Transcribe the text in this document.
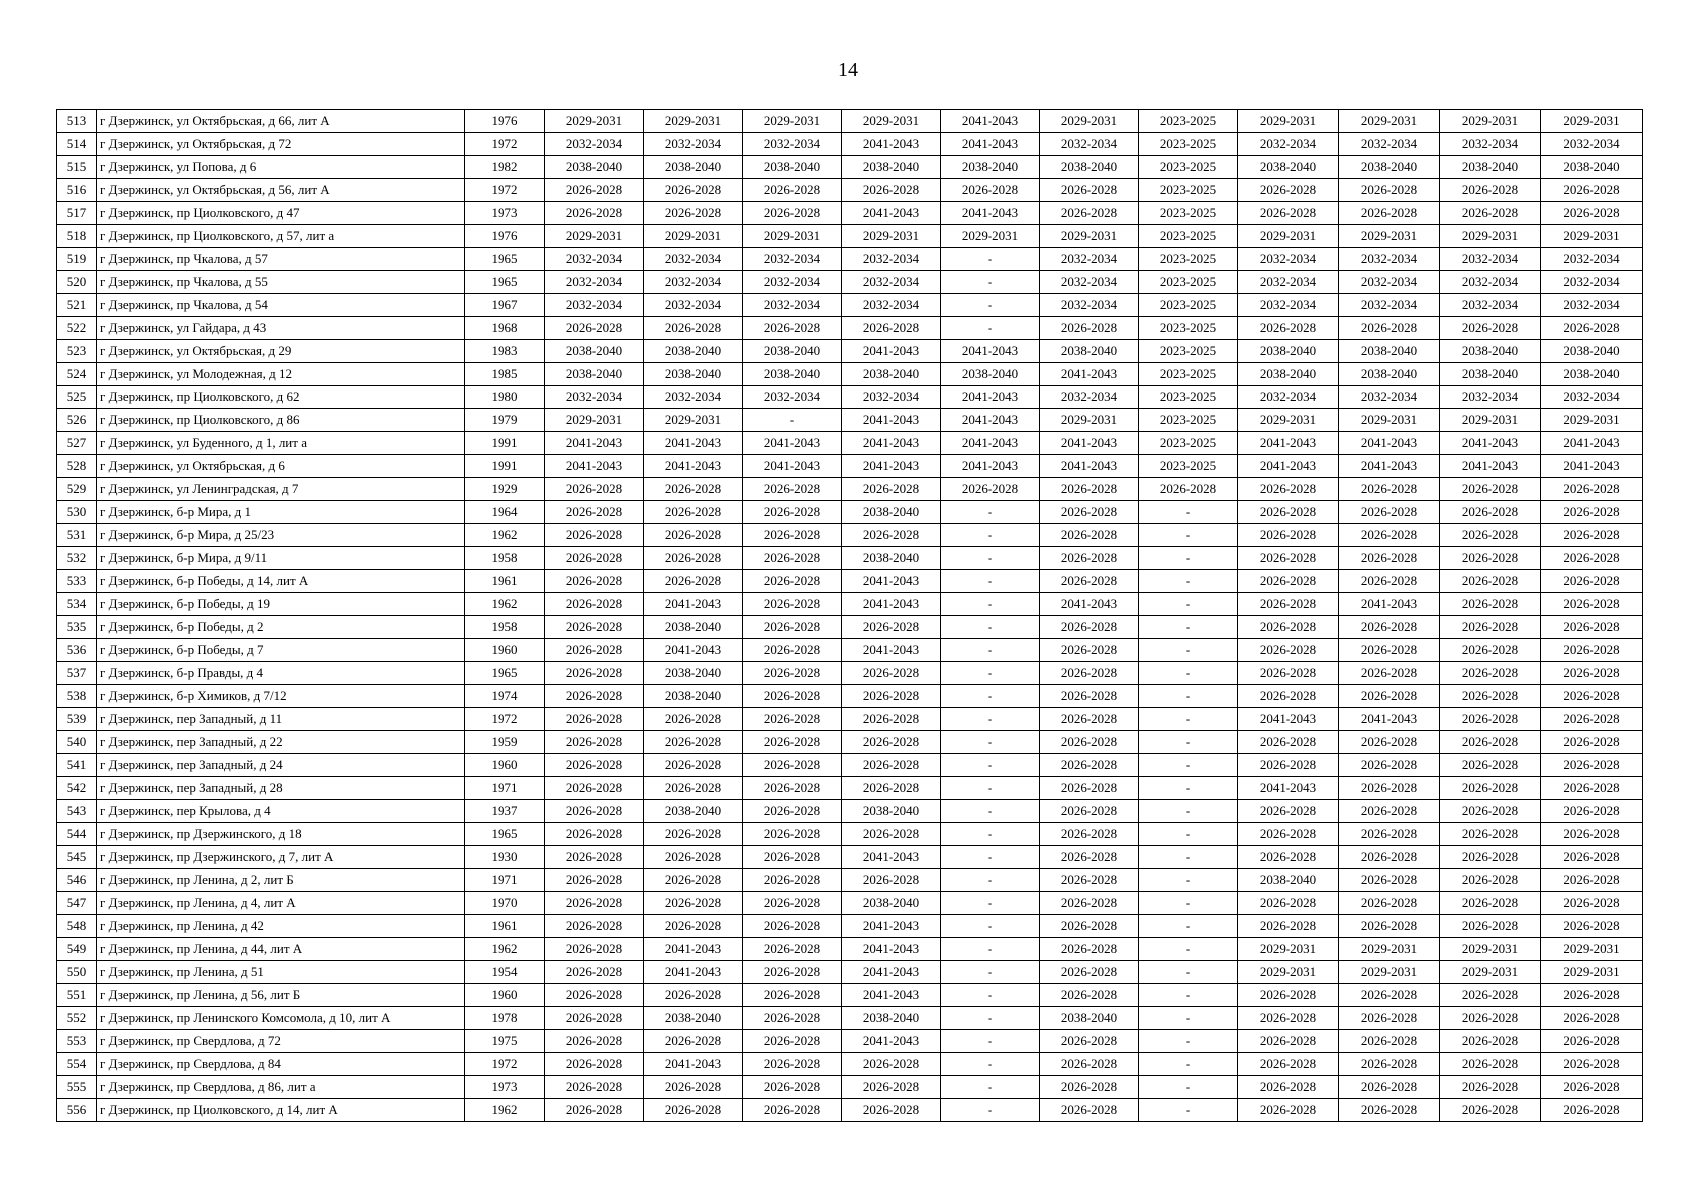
14
513	г Дзержинск, ул Октябрьская, д 66, лит А	1976	2029-2031	2029-2031	2029-2031	2029-2031	2041-2043	2029-2031	2023-2025	2029-2031	2029-2031	2029-2031	2029-2031
514	г Дзержинск, ул Октябрьская, д 72	1972	2032-2034	2032-2034	2032-2034	2041-2043	2041-2043	2032-2034	2023-2025	2032-2034	2032-2034	2032-2034	2032-2034
515	г Дзержинск, ул Попова, д 6	1982	2038-2040	2038-2040	2038-2040	2038-2040	2038-2040	2038-2040	2023-2025	2038-2040	2038-2040	2038-2040	2038-2040
516	г Дзержинск, ул Октябрьская, д 56, лит А	1972	2026-2028	2026-2028	2026-2028	2026-2028	2026-2028	2026-2028	2023-2025	2026-2028	2026-2028	2026-2028	2026-2028
517	г Дзержинск, пр Циолковского, д 47	1973	2026-2028	2026-2028	2026-2028	2041-2043	2041-2043	2026-2028	2023-2025	2026-2028	2026-2028	2026-2028	2026-2028
518	г Дзержинск, пр Циолковского, д 57, лит а	1976	2029-2031	2029-2031	2029-2031	2029-2031	2029-2031	2029-2031	2023-2025	2029-2031	2029-2031	2029-2031	2029-2031
519	г Дзержинск, пр Чкалова, д 57	1965	2032-2034	2032-2034	2032-2034	2032-2034	-	2032-2034	2023-2025	2032-2034	2032-2034	2032-2034	2032-2034
520	г Дзержинск, пр Чкалова, д 55	1965	2032-2034	2032-2034	2032-2034	2032-2034	-	2032-2034	2023-2025	2032-2034	2032-2034	2032-2034	2032-2034
521	г Дзержинск, пр Чкалова, д 54	1967	2032-2034	2032-2034	2032-2034	2032-2034	-	2032-2034	2023-2025	2032-2034	2032-2034	2032-2034	2032-2034
522	г Дзержинск, ул Гайдара, д 43	1968	2026-2028	2026-2028	2026-2028	2026-2028	-	2026-2028	2023-2025	2026-2028	2026-2028	2026-2028	2026-2028
523	г Дзержинск, ул Октябрьская, д 29	1983	2038-2040	2038-2040	2038-2040	2041-2043	2041-2043	2038-2040	2023-2025	2038-2040	2038-2040	2038-2040	2038-2040
524	г Дзержинск, ул Молодежная, д 12	1985	2038-2040	2038-2040	2038-2040	2038-2040	2038-2040	2041-2043	2023-2025	2038-2040	2038-2040	2038-2040	2038-2040
525	г Дзержинск, пр Циолковского, д 62	1980	2032-2034	2032-2034	2032-2034	2032-2034	2041-2043	2032-2034	2023-2025	2032-2034	2032-2034	2032-2034	2032-2034
526	г Дзержинск, пр Циолковского, д 86	1979	2029-2031	2029-2031	-	2041-2043	2041-2043	2029-2031	2023-2025	2029-2031	2029-2031	2029-2031	2029-2031
527	г Дзержинск, ул Буденного, д 1, лит а	1991	2041-2043	2041-2043	2041-2043	2041-2043	2041-2043	2041-2043	2023-2025	2041-2043	2041-2043	2041-2043	2041-2043
528	г Дзержинск, ул Октябрьская, д 6	1991	2041-2043	2041-2043	2041-2043	2041-2043	2041-2043	2041-2043	2023-2025	2041-2043	2041-2043	2041-2043	2041-2043
529	г Дзержинск, ул Ленинградская, д 7	1929	2026-2028	2026-2028	2026-2028	2026-2028	2026-2028	2026-2028	2026-2028	2026-2028	2026-2028	2026-2028	2026-2028
530	г Дзержинск, б-р Мира, д 1	1964	2026-2028	2026-2028	2026-2028	2038-2040	-	2026-2028	-	2026-2028	2026-2028	2026-2028	2026-2028
531	г Дзержинск, б-р Мира, д 25/23	1962	2026-2028	2026-2028	2026-2028	2026-2028	-	2026-2028	-	2026-2028	2026-2028	2026-2028	2026-2028
532	г Дзержинск, б-р Мира, д 9/11	1958	2026-2028	2026-2028	2026-2028	2038-2040	-	2026-2028	-	2026-2028	2026-2028	2026-2028	2026-2028
533	г Дзержинск, б-р Победы, д 14, лит А	1961	2026-2028	2026-2028	2026-2028	2041-2043	-	2026-2028	-	2026-2028	2026-2028	2026-2028	2026-2028
534	г Дзержинск, б-р Победы, д 19	1962	2026-2028	2041-2043	2026-2028	2041-2043	-	2041-2043	-	2026-2028	2041-2043	2026-2028	2026-2028
535	г Дзержинск, б-р Победы, д 2	1958	2026-2028	2038-2040	2026-2028	2026-2028	-	2026-2028	-	2026-2028	2026-2028	2026-2028	2026-2028
536	г Дзержинск, б-р Победы, д 7	1960	2026-2028	2041-2043	2026-2028	2041-2043	-	2026-2028	-	2026-2028	2026-2028	2026-2028	2026-2028
537	г Дзержинск, б-р Правды, д 4	1965	2026-2028	2038-2040	2026-2028	2026-2028	-	2026-2028	-	2026-2028	2026-2028	2026-2028	2026-2028
538	г Дзержинск, б-р Химиков, д 7/12	1974	2026-2028	2038-2040	2026-2028	2026-2028	-	2026-2028	-	2026-2028	2026-2028	2026-2028	2026-2028
539	г Дзержинск, пер Западный, д 11	1972	2026-2028	2026-2028	2026-2028	2026-2028	-	2026-2028	-	2041-2043	2041-2043	2026-2028	2026-2028
540	г Дзержинск, пер Западный, д 22	1959	2026-2028	2026-2028	2026-2028	2026-2028	-	2026-2028	-	2026-2028	2026-2028	2026-2028	2026-2028
541	г Дзержинск, пер Западный, д 24	1960	2026-2028	2026-2028	2026-2028	2026-2028	-	2026-2028	-	2026-2028	2026-2028	2026-2028	2026-2028
542	г Дзержинск, пер Западный, д 28	1971	2026-2028	2026-2028	2026-2028	2026-2028	-	2026-2028	-	2041-2043	2026-2028	2026-2028	2026-2028
543	г Дзержинск, пер Крылова, д 4	1937	2026-2028	2038-2040	2026-2028	2038-2040	-	2026-2028	-	2026-2028	2026-2028	2026-2028	2026-2028
544	г Дзержинск, пр Дзержинского, д 18	1965	2026-2028	2026-2028	2026-2028	2026-2028	-	2026-2028	-	2026-2028	2026-2028	2026-2028	2026-2028
545	г Дзержинск, пр Дзержинского, д 7, лит А	1930	2026-2028	2026-2028	2026-2028	2041-2043	-	2026-2028	-	2026-2028	2026-2028	2026-2028	2026-2028
546	г Дзержинск, пр Ленина, д 2, лит Б	1971	2026-2028	2026-2028	2026-2028	2026-2028	-	2026-2028	-	2038-2040	2026-2028	2026-2028	2026-2028
547	г Дзержинск, пр Ленина, д 4, лит А	1970	2026-2028	2026-2028	2026-2028	2038-2040	-	2026-2028	-	2026-2028	2026-2028	2026-2028	2026-2028
548	г Дзержинск, пр Ленина, д 42	1961	2026-2028	2026-2028	2026-2028	2041-2043	-	2026-2028	-	2026-2028	2026-2028	2026-2028	2026-2028
549	г Дзержинск, пр Ленина, д 44, лит А	1962	2026-2028	2041-2043	2026-2028	2041-2043	-	2026-2028	-	2029-2031	2029-2031	2029-2031	2029-2031
550	г Дзержинск, пр Ленина, д 51	1954	2026-2028	2041-2043	2026-2028	2041-2043	-	2026-2028	-	2029-2031	2029-2031	2029-2031	2029-2031
551	г Дзержинск, пр Ленина, д 56, лит Б	1960	2026-2028	2026-2028	2026-2028	2041-2043	-	2026-2028	-	2026-2028	2026-2028	2026-2028	2026-2028
552	г Дзержинск, пр Ленинского Комсомола, д 10, лит А	1978	2026-2028	2038-2040	2026-2028	2038-2040	-	2038-2040	-	2026-2028	2026-2028	2026-2028	2026-2028
553	г Дзержинск, пр Свердлова, д 72	1975	2026-2028	2026-2028	2026-2028	2041-2043	-	2026-2028	-	2026-2028	2026-2028	2026-2028	2026-2028
554	г Дзержинск, пр Свердлова, д 84	1972	2026-2028	2041-2043	2026-2028	2026-2028	-	2026-2028	-	2026-2028	2026-2028	2026-2028	2026-2028
555	г Дзержинск, пр Свердлова, д 86, лит а	1973	2026-2028	2026-2028	2026-2028	2026-2028	-	2026-2028	-	2026-2028	2026-2028	2026-2028	2026-2028
556	г Дзержинск, пр Циолковского, д 14, лит А	1962	2026-2028	2026-2028	2026-2028	2026-2028	-	2026-2028	-	2026-2028	2026-2028	2026-2028	2026-2028
